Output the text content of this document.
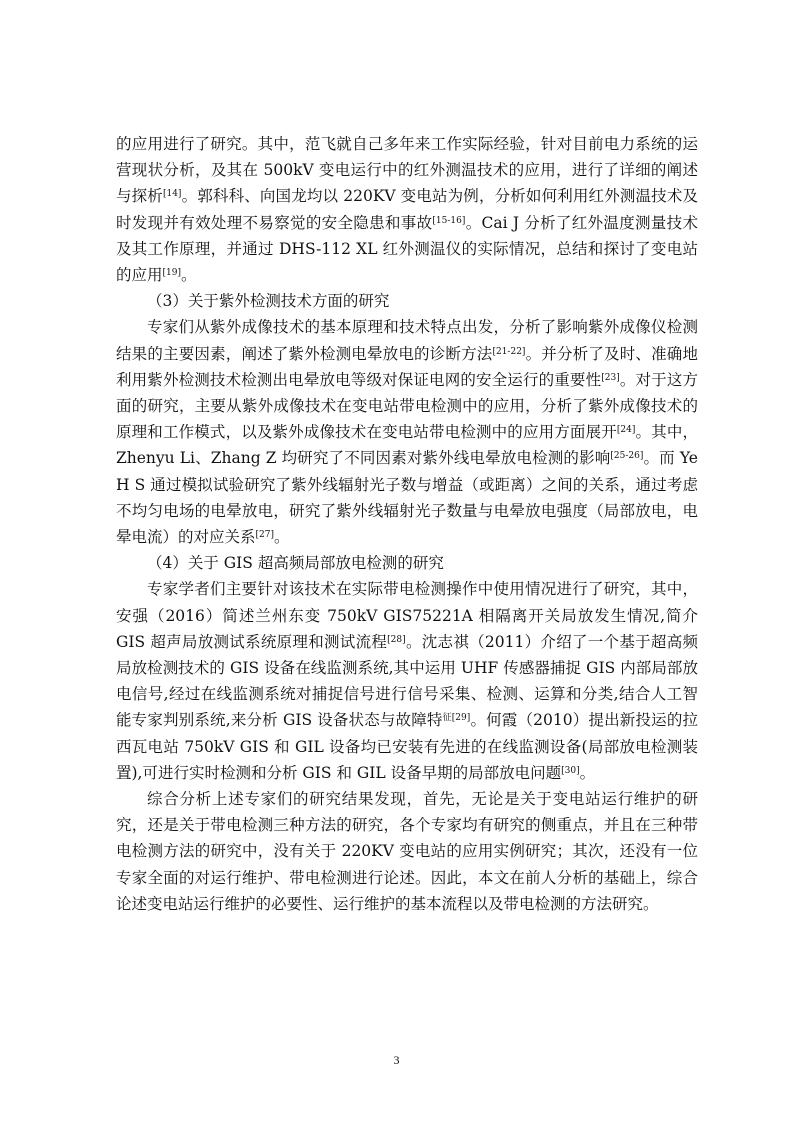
的应用进行了研究。其中，范飞就自己多年来工作实际经验，针对目前电力系统的运营现状分析，及其在 500kV 变电运行中的红外测温技术的应用，进行了详细的阐述与探析[14]。郭科科、向国龙均以 220KV 变电站为例，分析如何利用红外测温技术及时发现并有效处理不易察觉的安全隐患和事故[15-16]。Cai J 分析了红外温度测量技术及其工作原理，并通过 DHS-112 XL 红外测温仪的实际情况，总结和探讨了变电站的应用[19]。

（3）关于紫外检测技术方面的研究

专家们从紫外成像技术的基本原理和技术特点出发，分析了影响紫外成像仪检测结果的主要因素，阐述了紫外检测电晕放电的诊断方法[21-22]。并分析了及时、准确地利用紫外检测技术检测出电晕放电等级对保证电网的安全运行的重要性[23]。对于这方面的研究，主要从紫外成像技术在变电站带电检测中的应用，分析了紫外成像技术的原理和工作模式，以及紫外成像技术在变电站带电检测中的应用方面展开[24]。其中，Zhenyu Li、Zhang Z 均研究了不同因素对紫外线电晕放电检测的影响[25-26]。而 Ye H S 通过模拟试验研究了紫外线辐射光子数与增益（或距离）之间的关系，通过考虑不均匀电场的电晕放电，研究了紫外线辐射光子数量与电晕放电强度（局部放电，电晕电流）的对应关系[27]。

（4）关于 GIS 超高频局部放电检测的研究

专家学者们主要针对该技术在实际带电检测操作中使用情况进行了研究，其中，安强（2016）简述兰州东变 750kV GIS75221A 相隔离开关局放发生情况,简介 GIS 超声局放测试系统原理和测试流程[28]。沈志祺（2011）介绍了一个基于超高频局放检测技术的 GIS 设备在线监测系统,其中运用 UHF 传感器捕捉 GIS 内部局部放电信号,经过在线监测系统对捕捉信号进行信号采集、检测、运算和分类,结合人工智能专家判别系统,来分析 GIS 设备状态与故障特$^{征[29]}$。何霞（2010）提出新投运的拉西瓦电站 750kV GIS 和 GIL 设备均已安装有先进的在线监测设备(局部放电检测装置),可进行实时检测和分析 GIS 和 GIL 设备早期的局部放电问题[30]。

综合分析上述专家们的研究结果发现，首先，无论是关于变电站运行维护的研究，还是关于带电检测三种方法的研究，各个专家均有研究的侧重点，并且在三种带电检测方法的研究中，没有关于 220KV 变电站的应用实例研究；其次，还没有一位专家全面的对运行维护、带电检测进行论述。因此，本文在前人分析的基础上，综合论述变电站运行维护的必要性、运行维护的基本流程以及带电检测的方法研究。

3
